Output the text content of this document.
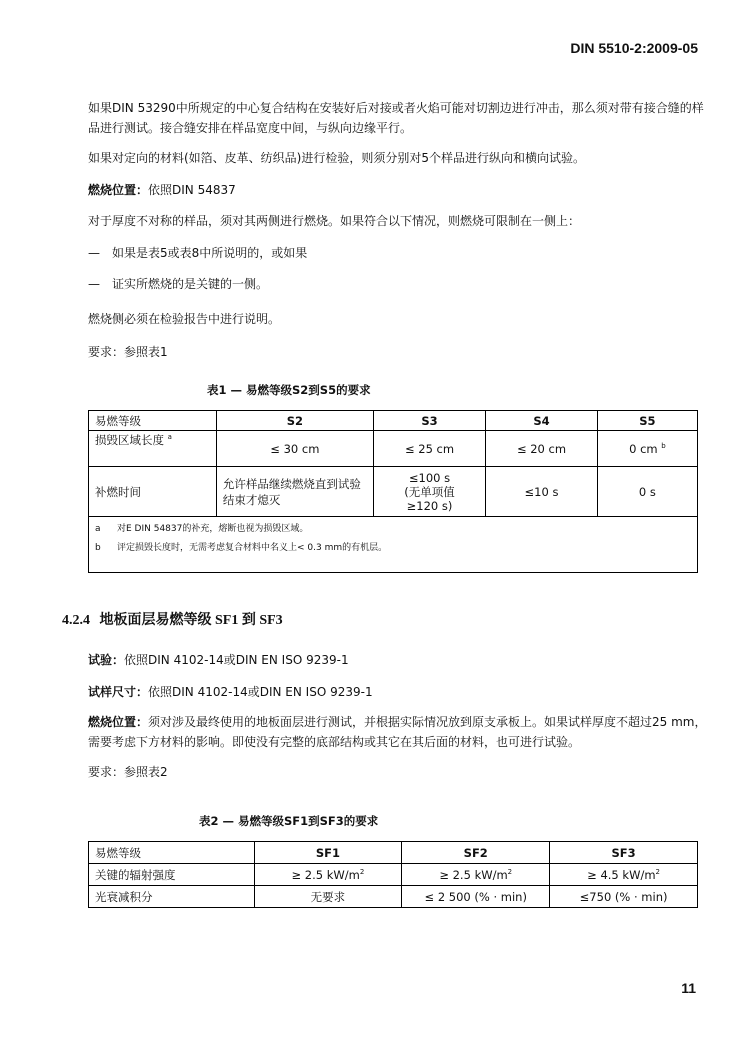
DIN 5510-2:2009-05
如果DIN 53290中所规定的中心复合结构在安装好后对接或者火焰可能对切割边进行冲击，那么须对带有接合缝的样品进行测试。接合缝安排在样品宽度中间，与纵向边缘平行。
如果对定向的材料(如箔、皮革、纺织品)进行检验，则须分别对5个样品进行纵向和横向试验。
燃烧位置：依照DIN 54837
对于厚度不对称的样品，须对其两侧进行燃烧。如果符合以下情况，则燃烧可限制在一侧上：
—　如果是表5或表8中所说明的，或如果
—　证实所燃烧的是关键的一侧。
燃烧侧必须在检验报告中进行说明。
要求：参照表1
表1 — 易燃等级S2到S5的要求
易燃等级	S2	S3	S4	S5
损毁区域长度 $^a$	≤ 30 cm	≤ 25 cm	≤ 20 cm	0 cm $^b$
补燃时间	允许样品继续燃烧直到试验结束才熄灭	≤100 s
(无单项值
≥120 s)	≤10 s	0 s

a 对E DIN 54837的补充，熔断也视为损毁区域。
b 评定损毁长度时，无需考虑复合材料中名义上< 0.3 mm的有机层。				
4.2.4 地板面层易燃等级 SF1 到 SF3
试验：依照DIN 4102-14或DIN EN ISO 9239-1
试样尺寸：依照DIN 4102-14或DIN EN ISO 9239-1
燃烧位置：须对涉及最终使用的地板面层进行测试，并根据实际情况放到原支承板上。如果试样厚度不超过25 mm，需要考虑下方材料的影响。即使没有完整的底部结构或其它在其后面的材料，也可进行试验。
要求：参照表2
表2 — 易燃等级SF1到SF3的要求
易燃等级	SF1	SF2	SF3
关键的辐射强度	≥ 2.5 $kW/m^2$	≥ 2.5 $kW/m^2$	≥ 4.5 $kW/m^2$
光衰减积分	无要求	≤ 2 500 (% · min)	≤750 (% · min)
11
